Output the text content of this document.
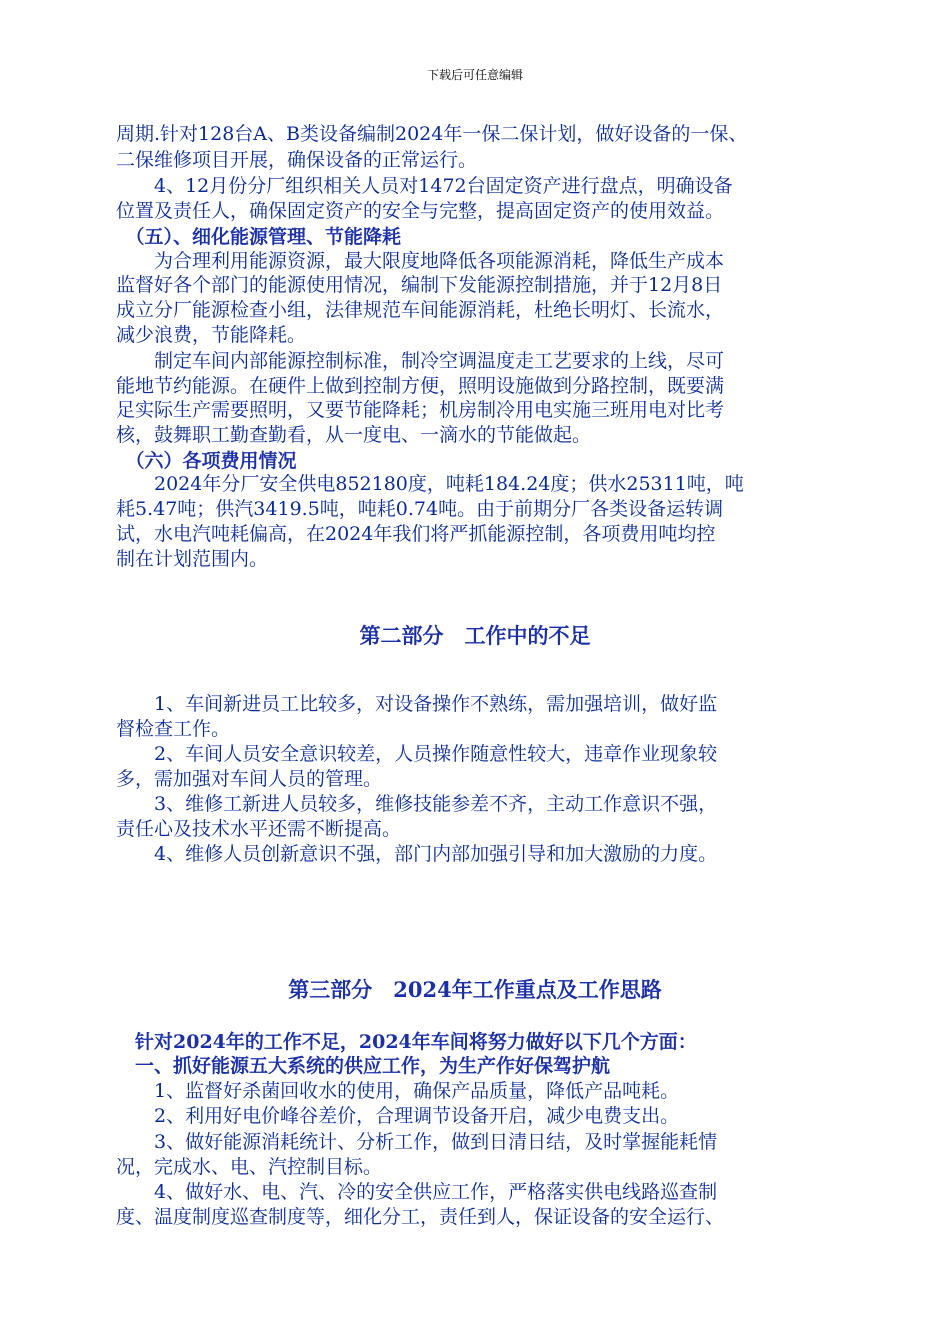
下载后可任意编辑
周期.针对128台A、B类设备编制2024年一保二保计划，做好设备的一保、
二保维修项目开展，确保设备的正常运行。
　　4、12月份分厂组织相关人员对1472台固定资产进行盘点，明确设备
位置及责任人，确保固定资产的安全与完整，提高固定资产的使用效益。
　（五）、细化能源管理、节能降耗
　　为合理利用能源资源，最大限度地降低各项能源消耗，降低生产成本
监督好各个部门的能源使用情况，编制下发能源控制措施，并于12月8日
成立分厂能源检查小组，法律规范车间能源消耗，杜绝长明灯、长流水，
减少浪费，节能降耗。
　　制定车间内部能源控制标准，制冷空调温度走工艺要求的上线，尽可
能地节约能源。在硬件上做到控制方便，照明设施做到分路控制，既要满
足实际生产需要照明，又要节能降耗；机房制冷用电实施三班用电对比考
核，鼓舞职工勤查勤看，从一度电、一滴水的节能做起。
　（六）各项费用情况
　　2024年分厂安全供电852180度，吨耗184.24度；供水25311吨，吨
耗5.47吨；供汽3419.5吨，吨耗0.74吨。由于前期分厂各类设备运转调
试，水电汽吨耗偏高，在2024年我们将严抓能源控制，各项费用吨均控
制在计划范围内。
第二部分　工作中的不足
　　1、车间新进员工比较多，对设备操作不熟练，需加强培训，做好监
督检查工作。
　　2、车间人员安全意识较差，人员操作随意性较大，违章作业现象较
多，需加强对车间人员的管理。
　　3、维修工新进人员较多，维修技能参差不齐，主动工作意识不强，
责任心及技术水平还需不断提高。
　　4、维修人员创新意识不强，部门内部加强引导和加大激励的力度。
第三部分　2024年工作重点及工作思路
　针对2024年的工作不足，2024年车间将努力做好以下几个方面：
　一、抓好能源五大系统的供应工作，为生产作好保驾护航
　　1、监督好杀菌回收水的使用，确保产品质量，降低产品吨耗。
　　2、利用好电价峰谷差价，合理调节设备开启，减少电费支出。
　　3、做好能源消耗统计、分析工作，做到日清日结，及时掌握能耗情
况，完成水、电、汽控制目标。
　　4、做好水、电、汽、冷的安全供应工作，严格落实供电线路巡查制
度、温度制度巡查制度等，细化分工，责任到人，保证设备的安全运行、
